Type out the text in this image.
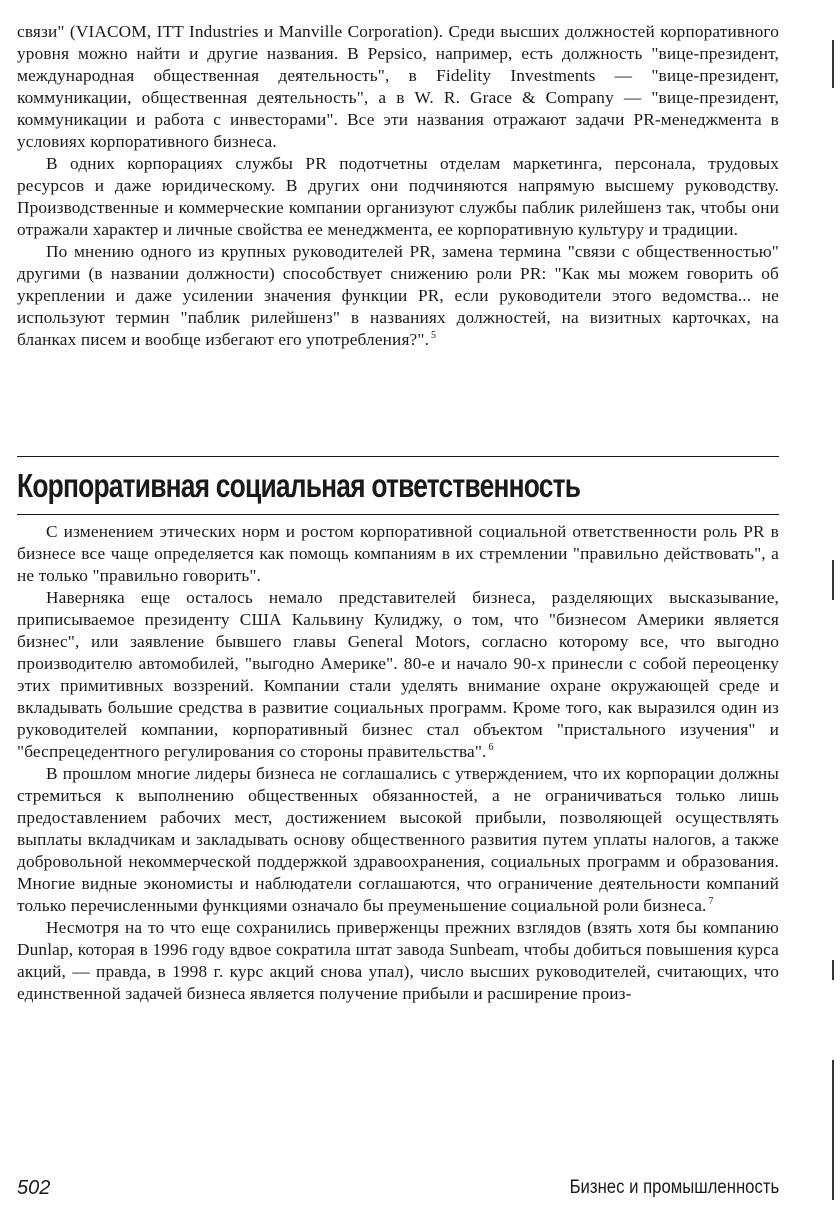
связи" (VIACOM, ITT Industries и Manville Corporation). Среди высших должностей корпоративного уровня можно найти и другие названия. В Pepsico, например, есть должность "вице-президент, международная общественная деятельность", в Fidelity Investments — "вице-президент, коммуникации, общественная деятельность", а в W. R. Grace & Company — "вице-президент, коммуникации и работа с инвесторами". Все эти названия отражают задачи PR-менеджмента в условиях корпоративного бизнеса.

В одних корпорациях службы PR подотчетны отделам маркетинга, персонала, трудовых ресурсов и даже юридическому. В других они подчиняются напрямую высшему руководству. Производственные и коммерческие компании организуют службы паблик рилейшенз так, чтобы они отражали характер и личные свойства ее менеджмента, ее корпоративную культуру и традиции.

По мнению одного из крупных руководителей PR, замена термина "связи с общественностью" другими (в названии должности) способствует снижению роли PR: "Как мы можем говорить об укреплении и даже усилении значения функции PR, если руководители этого ведомства... не используют термин "паблик рилейшенз" в названиях должностей, на визитных карточках, на бланках писем и вообще избегают его употребления?". $^5$

Корпоративная социальная ответственность

С изменением этических норм и ростом корпоративной социальной ответственности роль PR в бизнесе все чаще определяется как помощь компаниям в их стремлении "правильно действовать", а не только "правильно говорить".

Наверняка еще осталось немало представителей бизнеса, разделяющих высказывание, приписываемое президенту США Кальвину Кулиджу, о том, что "бизнесом Америки является бизнес", или заявление бывшего главы General Motors, согласно которому все, что выгодно производителю автомобилей, "выгодно Америке". 80-е и начало 90-х принесли с собой переоценку этих примитивных воззрений. Компании стали уделять внимание охране окружающей среде и вкладывать большие средства в развитие социальных программ. Кроме того, как выразился один из руководителей компании, корпоративный бизнес стал объектом "пристального изучения" и "беспрецедентного регулирования со стороны правительства". $^6$

В прошлом многие лидеры бизнеса не соглашались с утверждением, что их корпорации должны стремиться к выполнению общественных обязанностей, а не ограничиваться только лишь предоставлением рабочих мест, достижением высокой прибыли, позволяющей осуществлять выплаты вкладчикам и закладывать основу общественного развития путем уплаты налогов, а также добровольной некоммерческой поддержкой здравоохранения, социальных программ и образования. Многие видные экономисты и наблюдатели соглашаются, что ограничение деятельности компаний только перечисленными функциями означало бы преуменьшение социальной роли бизнеса. $^7$

Несмотря на то что еще сохранились приверженцы прежних взглядов (взять хотя бы компанию Dunlap, которая в 1996 году вдвое сократила штат завода Sunbeam, чтобы добиться повышения курса акций, — правда, в 1998 г. курс акций снова упал), число высших руководителей, считающих, что единственной задачей бизнеса является получение прибыли и расширение произ-

502	Бизнес и промышленность
